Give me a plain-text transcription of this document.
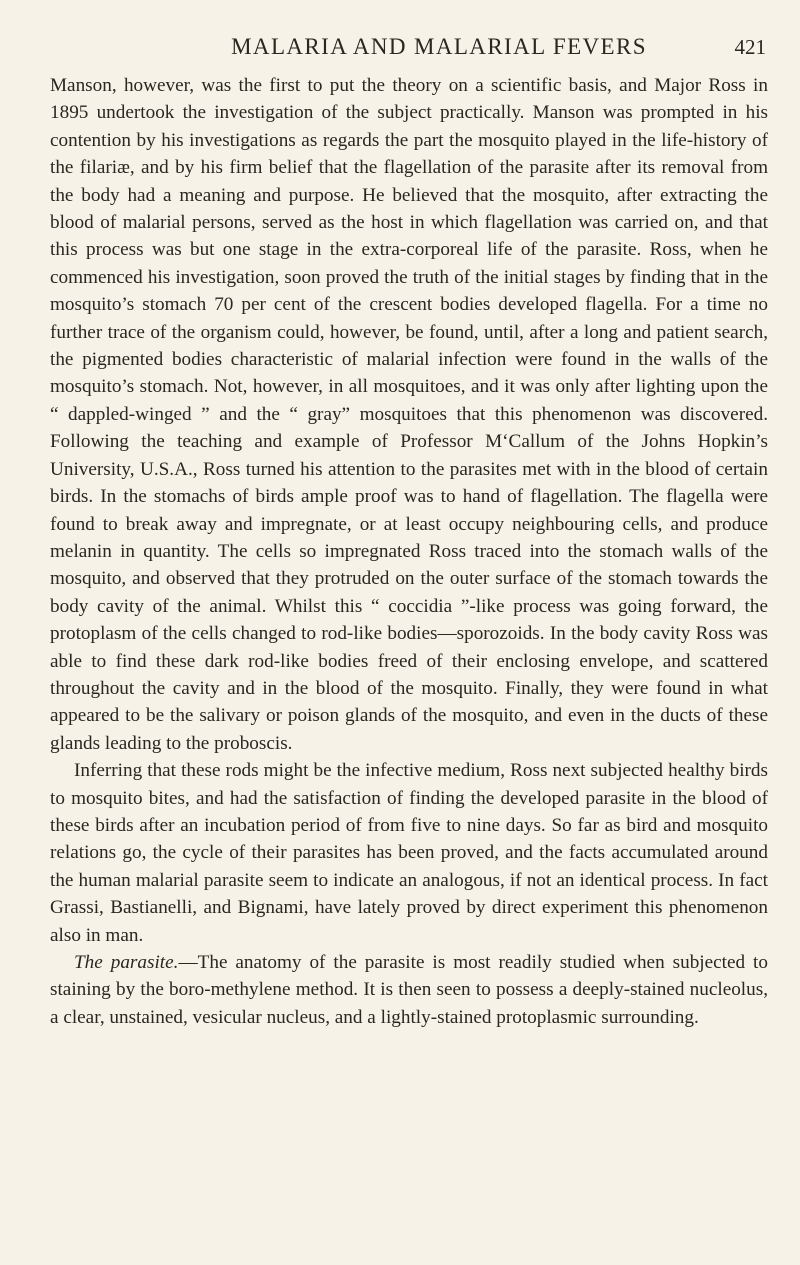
MALARIA AND MALARIAL FEVERS	421

Manson, however, was the first to put the theory on a scientific basis, and Major Ross in 1895 undertook the investigation of the subject practically. Manson was prompted in his contention by his investigations as regards the part the mosquito played in the life-history of the filariæ, and by his firm belief that the flagellation of the parasite after its removal from the body had a meaning and purpose. He believed that the mosquito, after extracting the blood of malarial persons, served as the host in which flagellation was carried on, and that this process was but one stage in the extra-corporeal life of the parasite. Ross, when he commenced his investigation, soon proved the truth of the initial stages by finding that in the mosquito’s stomach 70 per cent of the crescent bodies developed flagella. For a time no further trace of the organism could, however, be found, until, after a long and patient search, the pigmented bodies characteristic of malarial infection were found in the walls of the mosquito’s stomach. Not, however, in all mosquitoes, and it was only after lighting upon the “ dappled-winged ” and the “ gray” mosquitoes that this phenomenon was discovered. Following the teaching and example of Professor M‘Callum of the Johns Hopkin’s University, U.S.A., Ross turned his attention to the parasites met with in the blood of certain birds. In the stomachs of birds ample proof was to hand of flagellation. The flagella were found to break away and impregnate, or at least occupy neighbouring cells, and produce melanin in quantity. The cells so impregnated Ross traced into the stomach walls of the mosquito, and observed that they protruded on the outer surface of the stomach towards the body cavity of the animal. Whilst this “ coccidia ”-like process was going forward, the protoplasm of the cells changed to rod-like bodies—sporozoids. In the body cavity Ross was able to find these dark rod-like bodies freed of their enclosing envelope, and scattered throughout the cavity and in the blood of the mosquito. Finally, they were found in what appeared to be the salivary or poison glands of the mosquito, and even in the ducts of these glands leading to the proboscis.

Inferring that these rods might be the infective medium, Ross next subjected healthy birds to mosquito bites, and had the satisfaction of finding the developed parasite in the blood of these birds after an incubation period of from five to nine days. So far as bird and mosquito relations go, the cycle of their parasites has been proved, and the facts accumulated around the human malarial parasite seem to indicate an analogous, if not an identical process. In fact Grassi, Bastianelli, and Bignami, have lately proved by direct experiment this phenomenon also in man.

The parasite.—The anatomy of the parasite is most readily studied when subjected to staining by the boro-methylene method. It is then seen to possess a deeply-stained nucleolus, a clear, unstained, vesicular nucleus, and a lightly-stained protoplasmic surrounding.
